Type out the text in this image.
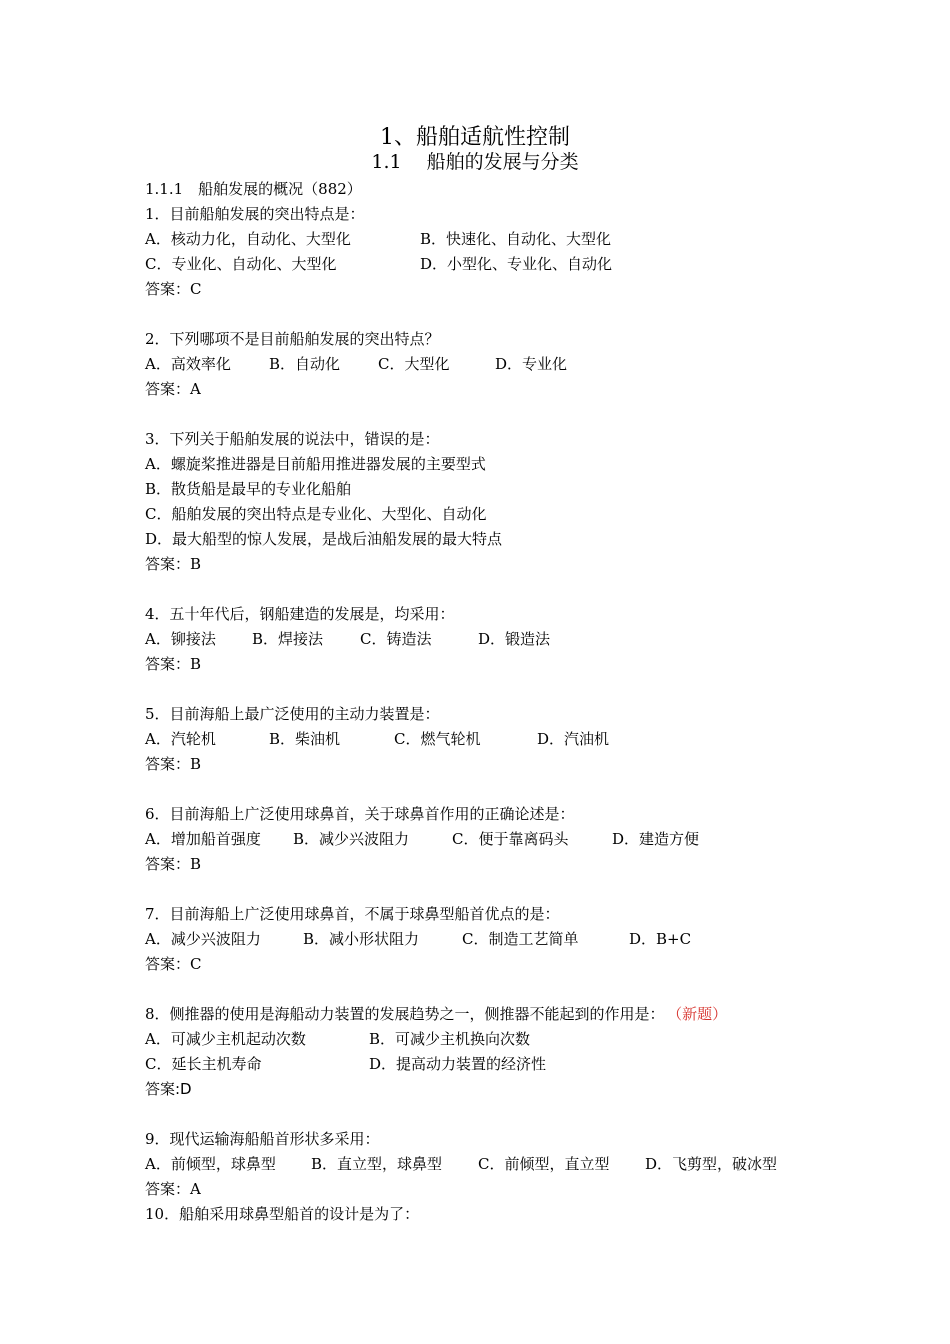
1、船舶适航性控制
1.1　 船舶的发展与分类
1.1.1　船舶发展的概况（882）
1．目前船舶发展的突出特点是：
A．核动力化，自动化、大型化	B．快速化、自动化、大型化
C．专业化、自动化、大型化	D．小型化、专业化、自动化
答案：C
2．下列哪项不是目前船舶发展的突出特点？
A．高效率化	B．自动化	C．大型化	D．专业化
答案：A
3．下列关于船舶发展的说法中，错误的是：
A．螺旋桨推进器是目前船用推进器发展的主要型式
B．散货船是最早的专业化船舶
C．船舶发展的突出特点是专业化、大型化、自动化
D．最大船型的惊人发展，是战后油船发展的最大特点
答案：B
4．五十年代后，钢船建造的发展是，均采用：
A．铆接法	B．焊接法	C．铸造法	D．锻造法
答案：B
5．目前海船上最广泛使用的主动力装置是：
A．汽轮机	B．柴油机	C．燃气轮机	D．汽油机
答案：B
6．目前海船上广泛使用球鼻首，关于球鼻首作用的正确论述是：
A．增加船首强度	B．减少兴波阻力	C．便于靠离码头	D．建造方便
答案：B
7．目前海船上广泛使用球鼻首，不属于球鼻型船首优点的是：
A．减少兴波阻力	B．减小形状阻力	C．制造工艺简单	D．B+C
答案：C
8．侧推器的使用是海船动力装置的发展趋势之一，侧推器不能起到的作用是： （新题）
A．可减少主机起动次数	B．可减少主机换向次数
C．延长主机寿命	D．提高动力装置的经济性
答案:D
9．现代运输海船船首形状多采用：
A．前倾型，球鼻型	B．直立型，球鼻型	C．前倾型，直立型	D．飞剪型，破冰型
答案：A
10．船舶采用球鼻型船首的设计是为了：
